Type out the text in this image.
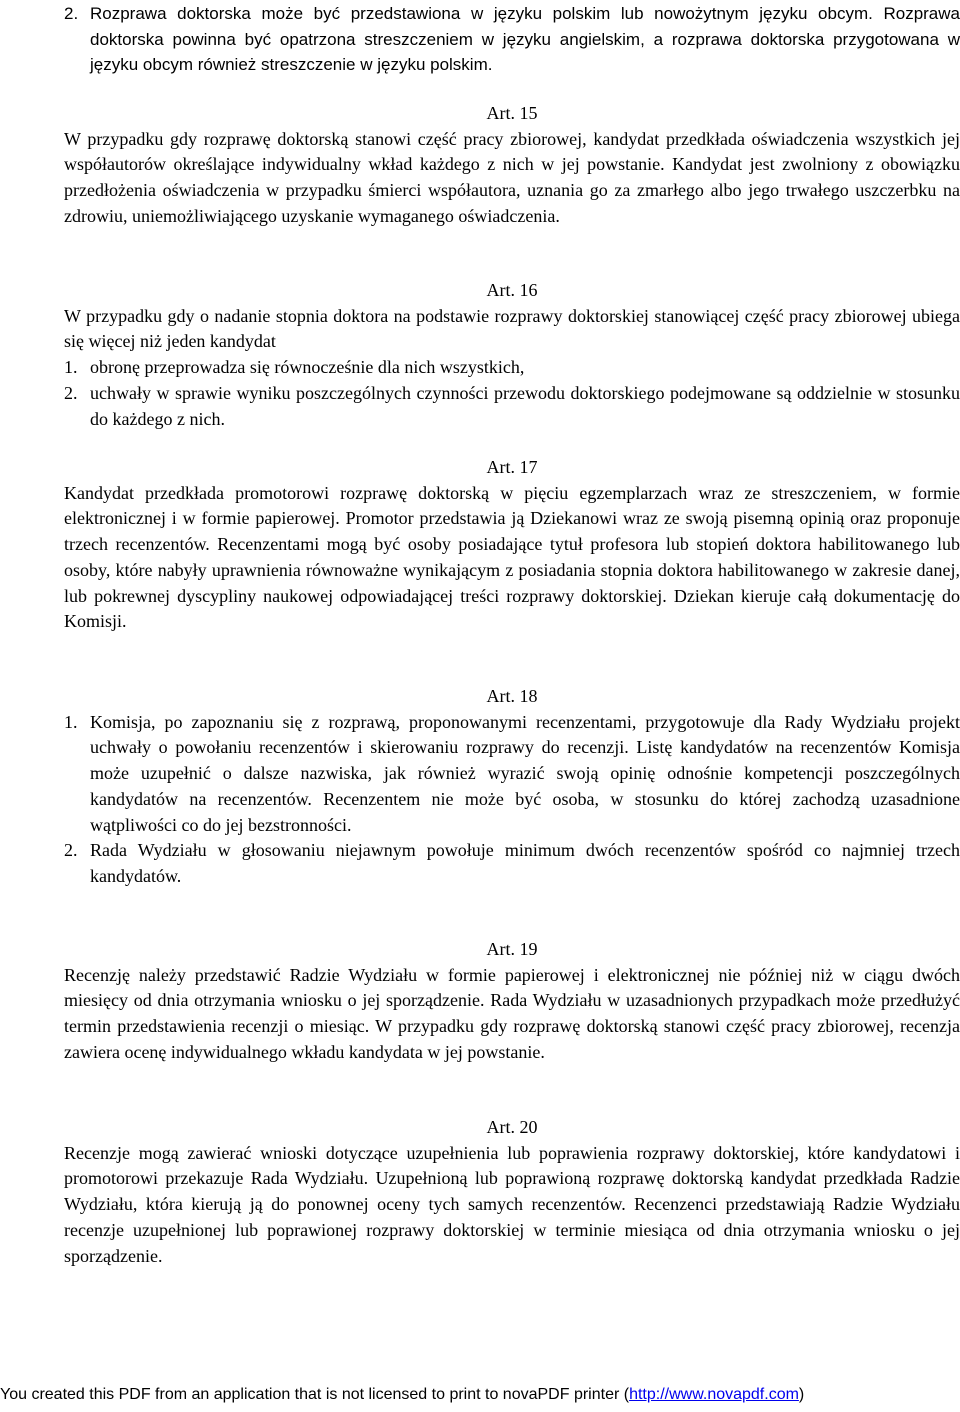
2. Rozprawa doktorska może być przedstawiona w języku polskim lub nowożytnym języku obcym. Rozprawa doktorska powinna być opatrzona streszczeniem w języku angielskim, a rozprawa doktorska przygotowana w języku obcym również streszczenie w języku polskim.
Art. 15

W przypadku gdy rozprawę doktorską stanowi część pracy zbiorowej, kandydat przedkłada oświadczenia wszystkich jej współautorów określające indywidualny wkład każdego z nich w jej powstanie. Kandydat jest zwolniony z obowiązku przedłożenia oświadczenia w przypadku śmierci współautora, uznania go za zmarłego albo jego trwałego uszczerbku na zdrowiu, uniemożliwiającego uzyskanie wymaganego oświadczenia.

Art. 16

W przypadku gdy o nadanie stopnia doktora na podstawie rozprawy doktorskiej stanowiącej część pracy zbiorowej ubiega się więcej niż jeden kandydat

1. obronę przeprowadza się równocześnie dla nich wszystkich,
2. uchwały w sprawie wyniku poszczególnych czynności przewodu doktorskiego podejmowane są oddzielnie w stosunku do każdego z nich.
Art. 17

Kandydat przedkłada promotorowi rozprawę doktorską w pięciu egzemplarzach wraz ze streszczeniem, w formie elektronicznej i w formie papierowej. Promotor przedstawia ją Dziekanowi wraz ze swoją pisemną opinią oraz proponuje trzech recenzentów. Recenzentami mogą być osoby posiadające tytuł profesora lub stopień doktora habilitowanego lub osoby, które nabyły uprawnienia równoważne wynikającym z posiadania stopnia doktora habilitowanego w zakresie danej, lub pokrewnej dyscypliny naukowej odpowiadającej treści rozprawy doktorskiej. Dziekan kieruje całą dokumentację do Komisji.

Art. 18
1. Komisja, po zapoznaniu się z rozprawą, proponowanymi recenzentami, przygotowuje dla Rady Wydziału projekt uchwały o powołaniu recenzentów i skierowaniu rozprawy do recenzji. Listę kandydatów na recenzentów Komisja może uzupełnić o dalsze nazwiska, jak również wyrazić swoją opinię odnośnie kompetencji poszczególnych kandydatów na recenzentów. Recenzentem nie może być osoba, w stosunku do której zachodzą uzasadnione wątpliwości co do jej bezstronności.
2. Rada Wydziału w głosowaniu niejawnym powołuje minimum dwóch recenzentów spośród co najmniej trzech kandydatów.
Art. 19

Recenzję należy przedstawić Radzie Wydziału w formie papierowej i elektronicznej nie później niż w ciągu dwóch miesięcy od dnia otrzymania wniosku o jej sporządzenie. Rada Wydziału w uzasadnionych przypadkach może przedłużyć termin przedstawienia recenzji o miesiąc. W przypadku gdy rozprawę doktorską stanowi część pracy zbiorowej, recenzja zawiera ocenę indywidualnego wkładu kandydata w jej powstanie.

Art. 20

Recenzje mogą zawierać wnioski dotyczące uzupełnienia lub poprawienia rozprawy doktorskiej, które kandydatowi i promotorowi przekazuje Rada Wydziału. Uzupełnioną lub poprawioną rozprawę doktorską kandydat przedkłada Radzie Wydziału, która kierują ją do ponownej oceny tych samych recenzentów. Recenzenci przedstawiają Radzie Wydziału recenzje uzupełnionej lub poprawionej rozprawy doktorskiej w terminie miesiąca od dnia otrzymania wniosku o jej sporządzenie.

You created this PDF from an application that is not licensed to print to novaPDF printer (http://www.novapdf.com)
